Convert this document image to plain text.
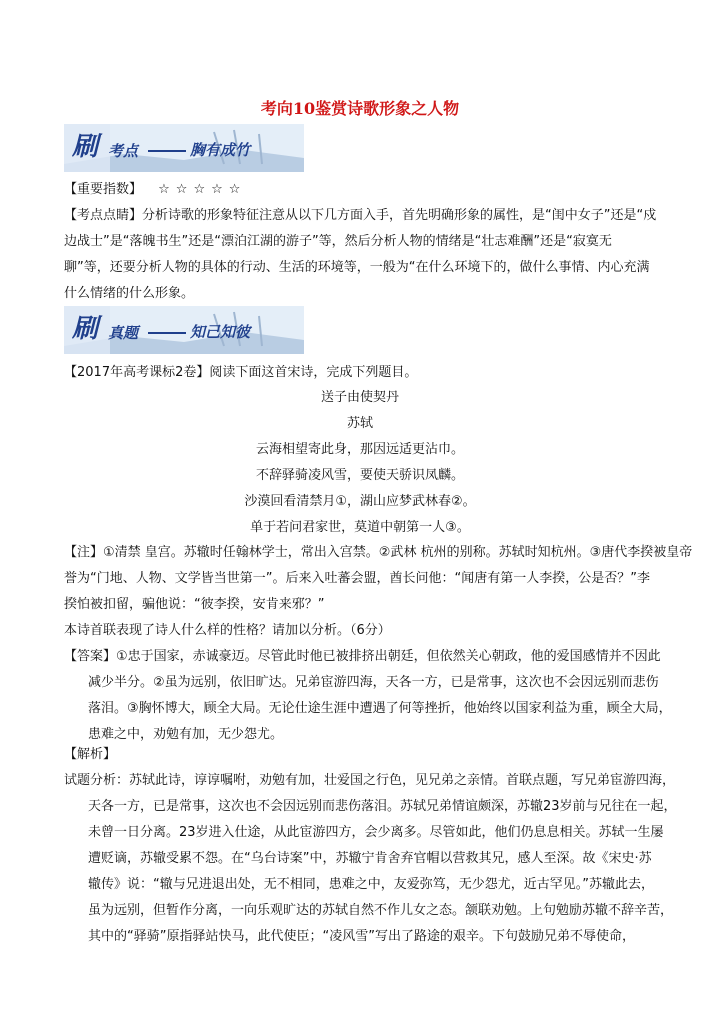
考向10鉴赏诗歌形象之人物
刷 考点	胸有成竹
【重要指数】 ☆☆☆☆☆
【考点点睛】分析诗歌的形象特征注意从以下几方面入手，首先明确形象的属性，是“闺中女子”还是“戍
边战士”是“落魄书生”还是“漂泊江湖的游子”等，然后分析人物的情绪是“壮志难酬”还是“寂寞无
聊”等，还要分析人物的具体的行动、生活的环境等，一般为“在什么环境下的，做什么事情、内心充满
什么情绪的什么形象。
刷 真题	知己知彼
【2017年高考课标2卷】阅读下面这首宋诗，完成下列题目。
送子由使契丹
苏轼
云海相望寄此身，那因远适更沾巾。
不辞驿骑凌风雪，要使天骄识凤麟。
沙漠回看清禁月①，湖山应梦武林春②。
单于若问君家世，莫道中朝第一人③。
【注】①清禁 皇宫。苏辙时任翰林学士，常出入宫禁。②武林 杭州的别称。苏轼时知杭州。③唐代李揆被皇帝
誉为“门地、人物、文学皆当世第一”。后来入吐蕃会盟，酋长问他：“闻唐有第一人李揆，公是否？”李
揆怕被扣留，骗他说：“彼李揆，安肯来邪？”
本诗首联表现了诗人什么样的性格？请加以分析。（6分）
【答案】①忠于国家，赤诚豪迈。尽管此时他已被排挤出朝廷，但依然关心朝政，他的爱国感情并不因此
减少半分。②虽为远别，依旧旷达。兄弟宦游四海，天各一方，已是常事，这次也不会因远别而悲伤
落泪。③胸怀博大，顾全大局。无论仕途生涯中遭遇了何等挫折，他始终以国家利益为重，顾全大局，
患难之中，劝勉有加，无少怨尤。
【解析】
试题分析：苏轼此诗，谆谆嘱咐，劝勉有加，壮爱国之行色，见兄弟之亲情。首联点题，写兄弟宦游四海，
天各一方，已是常事，这次也不会因远别而悲伤落泪。苏轼兄弟情谊颇深，苏辙23岁前与兄往在一起，
未曾一日分离。23岁进入仕途，从此宦游四方，会少离多。尽管如此，他们仍息息相关。苏轼一生屡
遭贬谪，苏辙受累不怨。在“乌台诗案”中，苏辙宁肯舍弃官帽以营救其兄，感人至深。故《宋史·苏
辙传》说：“辙与兄进退出处，无不相同，患难之中，友爱弥笃，无少怨尤，近古罕见。”苏辙此去，
虽为远别，但暂作分离，一向乐观旷达的苏轼自然不作儿女之态。颔联劝勉。上句勉励苏辙不辞辛苦，
其中的“驿骑”原指驿站快马，此代使臣；“凌风雪”写出了路途的艰辛。下句鼓励兄弟不辱使命，
